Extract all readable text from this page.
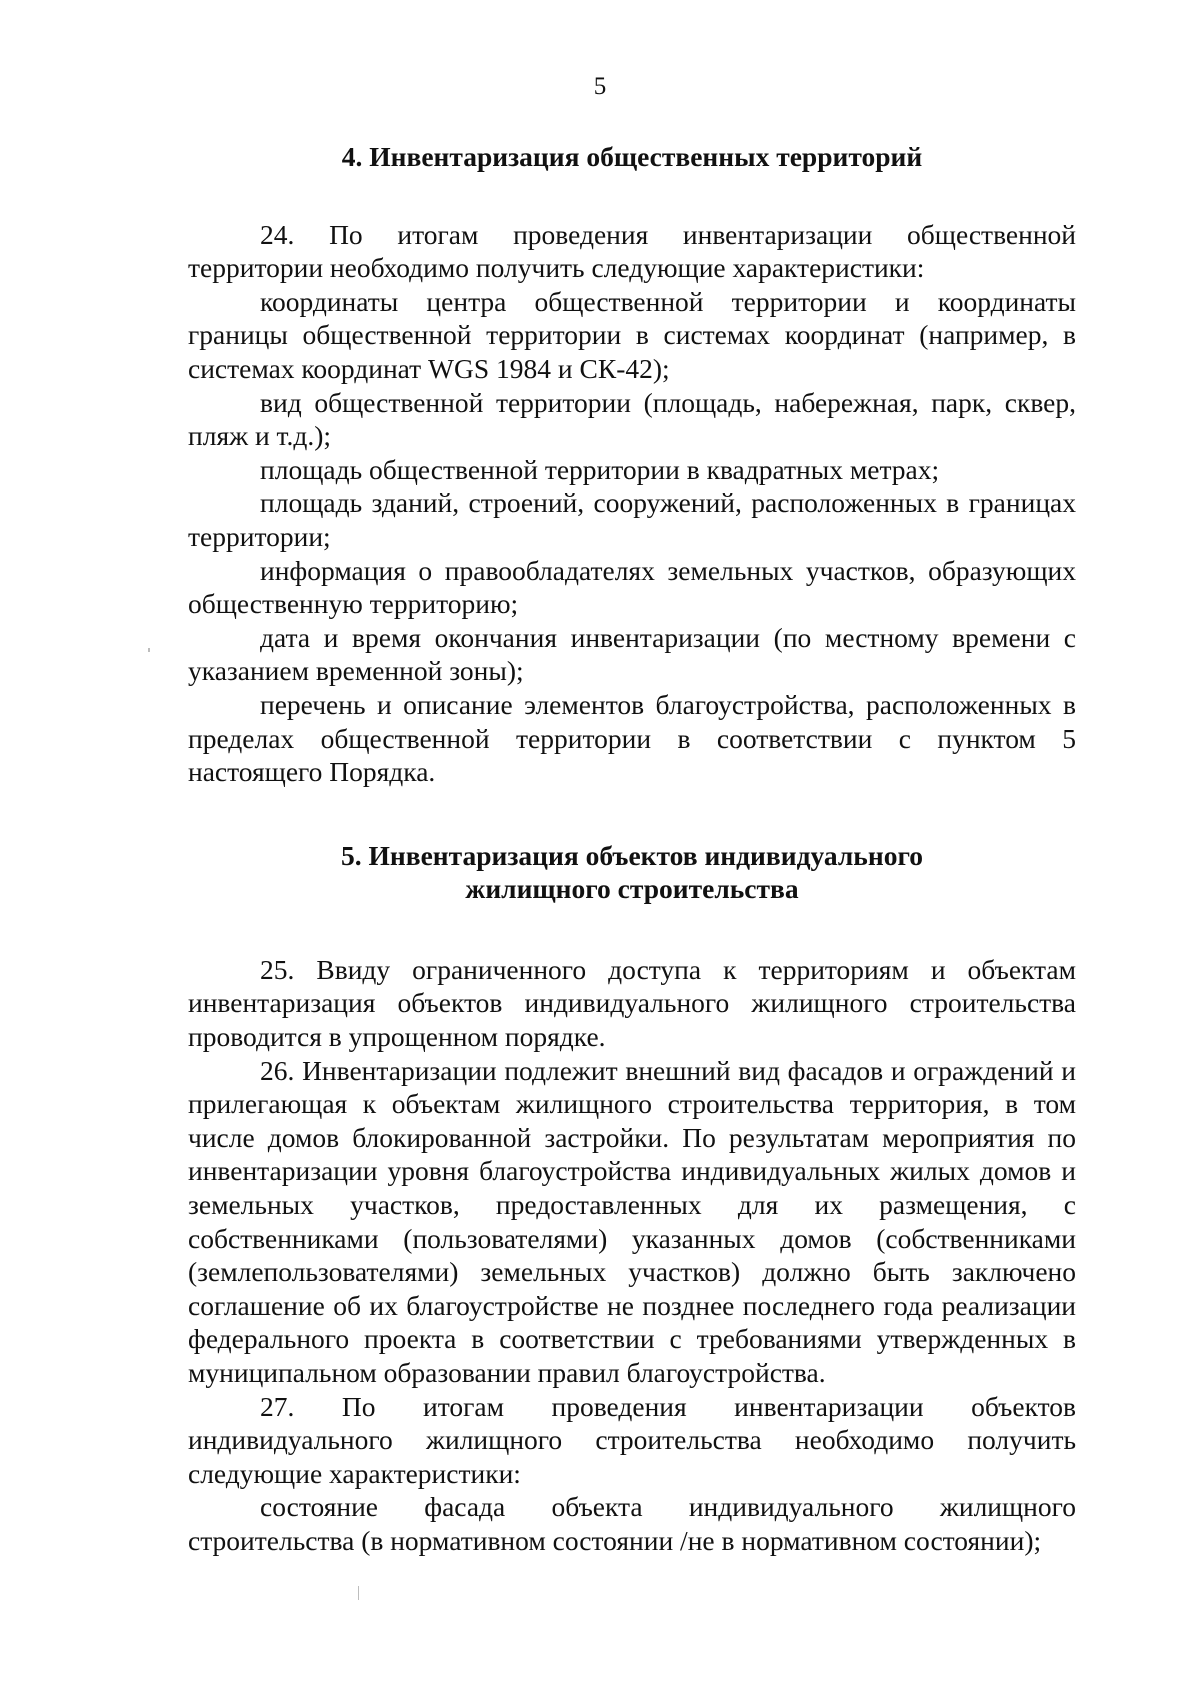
5
4. Инвентаризация общественных территорий

24. По итогам проведения инвентаризации общественной территории необходимо получить следующие характеристики:

координаты центра общественной территории и координаты границы общественной территории в системах координат (например, в системах координат WGS 1984 и СК-42);

вид общественной территории (площадь, набережная, парк, сквер, пляж и т.д.);

площадь общественной территории в квадратных метрах;

площадь зданий, строений, сооружений, расположенных в границах территории;

информация о правообладателях земельных участков, образующих общественную территорию;

дата и время окончания инвентаризации (по местному времени с указанием временной зоны);

перечень и описание элементов благоустройства, расположенных в пределах общественной территории в соответствии с пунктом 5 настоящего Порядка.

5. Инвентаризация объектов индивидуального
жилищного строительства

25. Ввиду ограниченного доступа к территориям и объектам инвентаризация объектов индивидуального жилищного строительства проводится в упрощенном порядке.

26. Инвентаризации подлежит внешний вид фасадов и ограждений и прилегающая к объектам жилищного строительства территория, в том числе домов блокированной застройки. По результатам мероприятия по инвентаризации уровня благоустройства индивидуальных жилых домов и земельных участков, предоставленных для их размещения, с собственниками (пользователями) указанных домов (собственниками (землепользователями) земельных участков) должно быть заключено соглашение об их благоустройстве не позднее последнего года реализации федерального проекта в соответствии с требованиями утвержденных в муниципальном образовании правил благоустройства.

27. По итогам проведения инвентаризации объектов индивидуального жилищного строительства необходимо получить следующие характеристики:

состояние фасада объекта индивидуального жилищного строительства (в нормативном состоянии /не в нормативном состоянии);
